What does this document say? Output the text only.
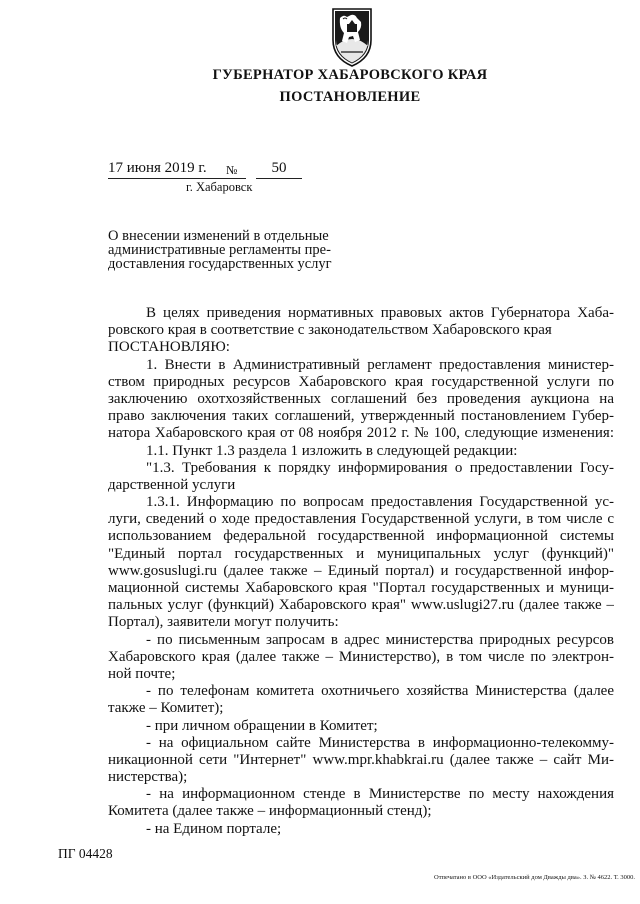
ГУБЕРНАТОР ХАБАРОВСКОГО КРАЯ
ПОСТАНОВЛЕНИЕ
17 июня 2019 г.	№	50
г. Хабаровск
О внесении изменений в отдельные
административные регламенты пре-
доставления государственных услуг
В целях приведения нормативных правовых актов Губернатора Хаба-
ровского края в соответствие с законодательством Хабаровского края
ПОСТАНОВЛЯЮ:
1. Внести в Административный регламент предоставления министер-
ством природных ресурсов Хабаровского края государственной услуги по
заключению охотхозяйственных соглашений без проведения аукциона на
право заключения таких соглашений, утвержденный постановлением Губер-
натора Хабаровского края от 08 ноября 2012 г. № 100, следующие изменения:
1.1. Пункт 1.3 раздела 1 изложить в следующей редакции:
"1.3. Требования к порядку информирования о предоставлении Госу-
дарственной услуги
1.3.1. Информацию по вопросам предоставления Государственной ус-
луги, сведений о ходе предоставления Государственной услуги, в том числе с
использованием федеральной государственной информационной системы
"Единый портал государственных и муниципальных услуг (функций)"
www.gosuslugi.ru (далее также – Единый портал) и государственной инфор-
мационной системы Хабаровского края "Портал государственных и муници-
пальных услуг (функций) Хабаровского края" www.uslugi27.ru (далее также –
Портал), заявители могут получить:
- по письменным запросам в адрес министерства природных ресурсов
Хабаровского края (далее также – Министерство), в том числе по электрон-
ной почте;
- по телефонам комитета охотничьего хозяйства Министерства (далее
также – Комитет);
- при личном обращении в Комитет;
- на официальном сайте Министерства в информационно-телекомму-
никационной сети "Интернет" www.mpr.khabkrai.ru (далее также – сайт Ми-
нистерства);
- на информационном стенде в Министерстве по месту нахождения
Комитета (далее также – информационный стенд);
- на Едином портале;
ПГ 04428
Отпечатано в ООО «Издательский дом Дважды два». З. № 4622. Т. 3000.
